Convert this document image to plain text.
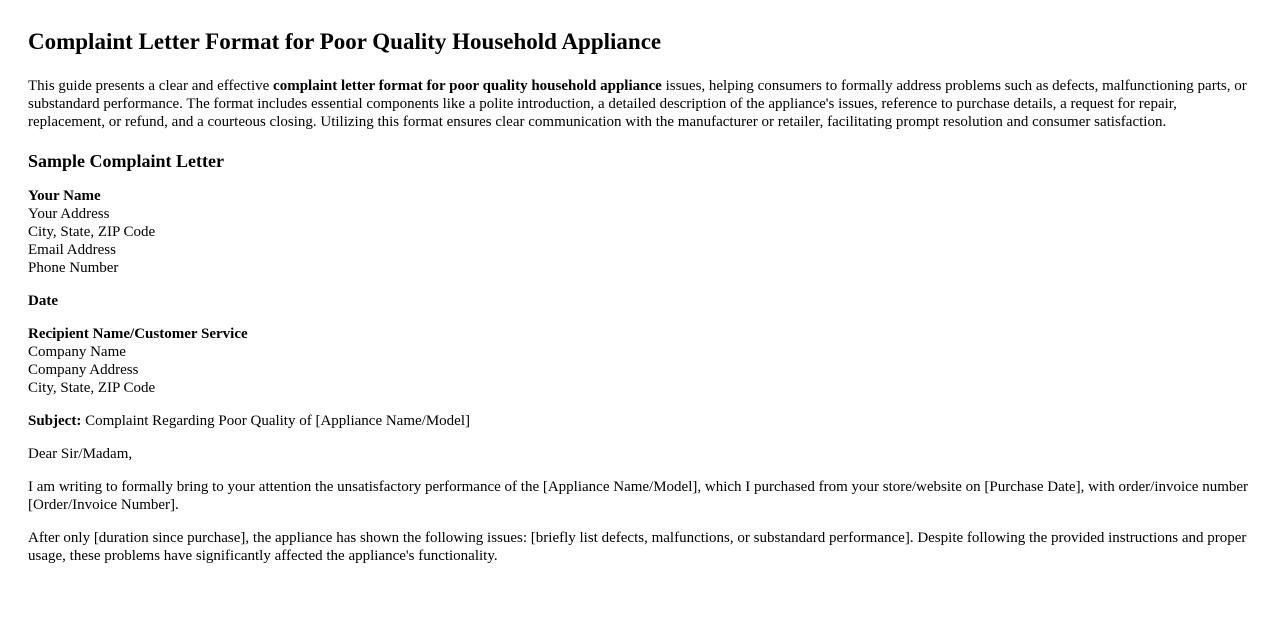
Complaint Letter Format for Poor Quality Household Appliance

This guide presents a clear and effective complaint letter format for poor quality household appliance issues, helping consumers to formally address problems such as defects, malfunctioning parts, or substandard performance. The format includes essential components like a polite introduction, a detailed description of the appliance's issues, reference to purchase details, a request for repair, replacement, or refund, and a courteous closing. Utilizing this format ensures clear communication with the manufacturer or retailer, facilitating prompt resolution and consumer satisfaction.

Sample Complaint Letter

Your Name
Your Address
City, State, ZIP Code
Email Address
Phone Number

Date

Recipient Name/Customer Service
Company Name
Company Address
City, State, ZIP Code

Subject: Complaint Regarding Poor Quality of [Appliance Name/Model]

Dear Sir/Madam,

I am writing to formally bring to your attention the unsatisfactory performance of the [Appliance Name/Model], which I purchased from your store/website on [Purchase Date], with order/invoice number [Order/Invoice Number].

After only [duration since purchase], the appliance has shown the following issues: [briefly list defects, malfunctions, or substandard performance]. Despite following the provided instructions and proper usage, these problems have significantly affected the appliance's functionality.
